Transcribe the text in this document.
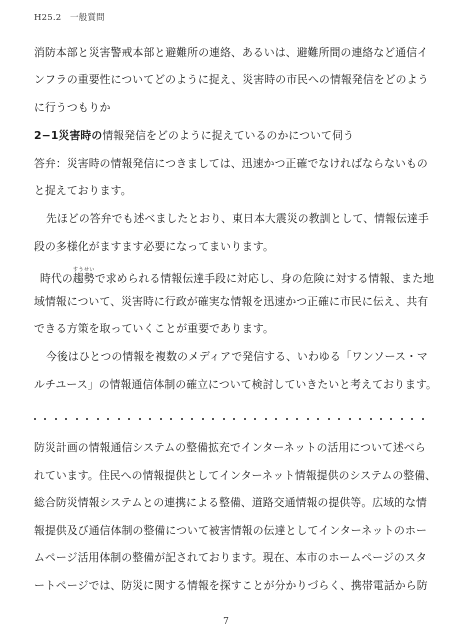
H25.2　一般質問
消防本部と災害警戒本部と避難所の連絡、あるいは、避難所間の連絡など通信イ
ンフラの重要性についてどのように捉え、災害時の市民への情報発信をどのよう
に行うつもりか
2−1災害時の情報発信をどのように捉えているのかについて伺う
答弁：災害時の情報発信につきましては、迅速かつ正確でなければならないもの
と捉えております。
先ほどの答弁でも述べましたとおり、東日本大震災の教訓として、情報伝達手
段の多様化がますます必要になってまいります。
時代の趨勢すうせいで求められる情報伝達手段に対応し、身の危険に対する情報、また地
域情報について、災害時に行政が確実な情報を迅速かつ正確に市民に伝え、共有
できる方策を取っていくことが重要であります。
今後はひとつの情報を複数のメディアで発信する、いわゆる「ワンソース・マ
ルチユース」の情報通信体制の確立について検討していきたいと考えております。
防災計画の情報通信システムの整備拡充でインターネットの活用について述べら
れています。住民への情報提供としてインターネット情報提供のシステムの整備、
総合防災情報システムとの連携による整備、道路交通情報の提供等。広域的な情
報提供及び通信体制の整備について被害情報の伝達としてインターネットのホー
ムページ活用体制の整備が記されております。現在、本市のホームページのスタ
ートページでは、防災に関する情報を探すことが分かりづらく、携帯電話から防
7
